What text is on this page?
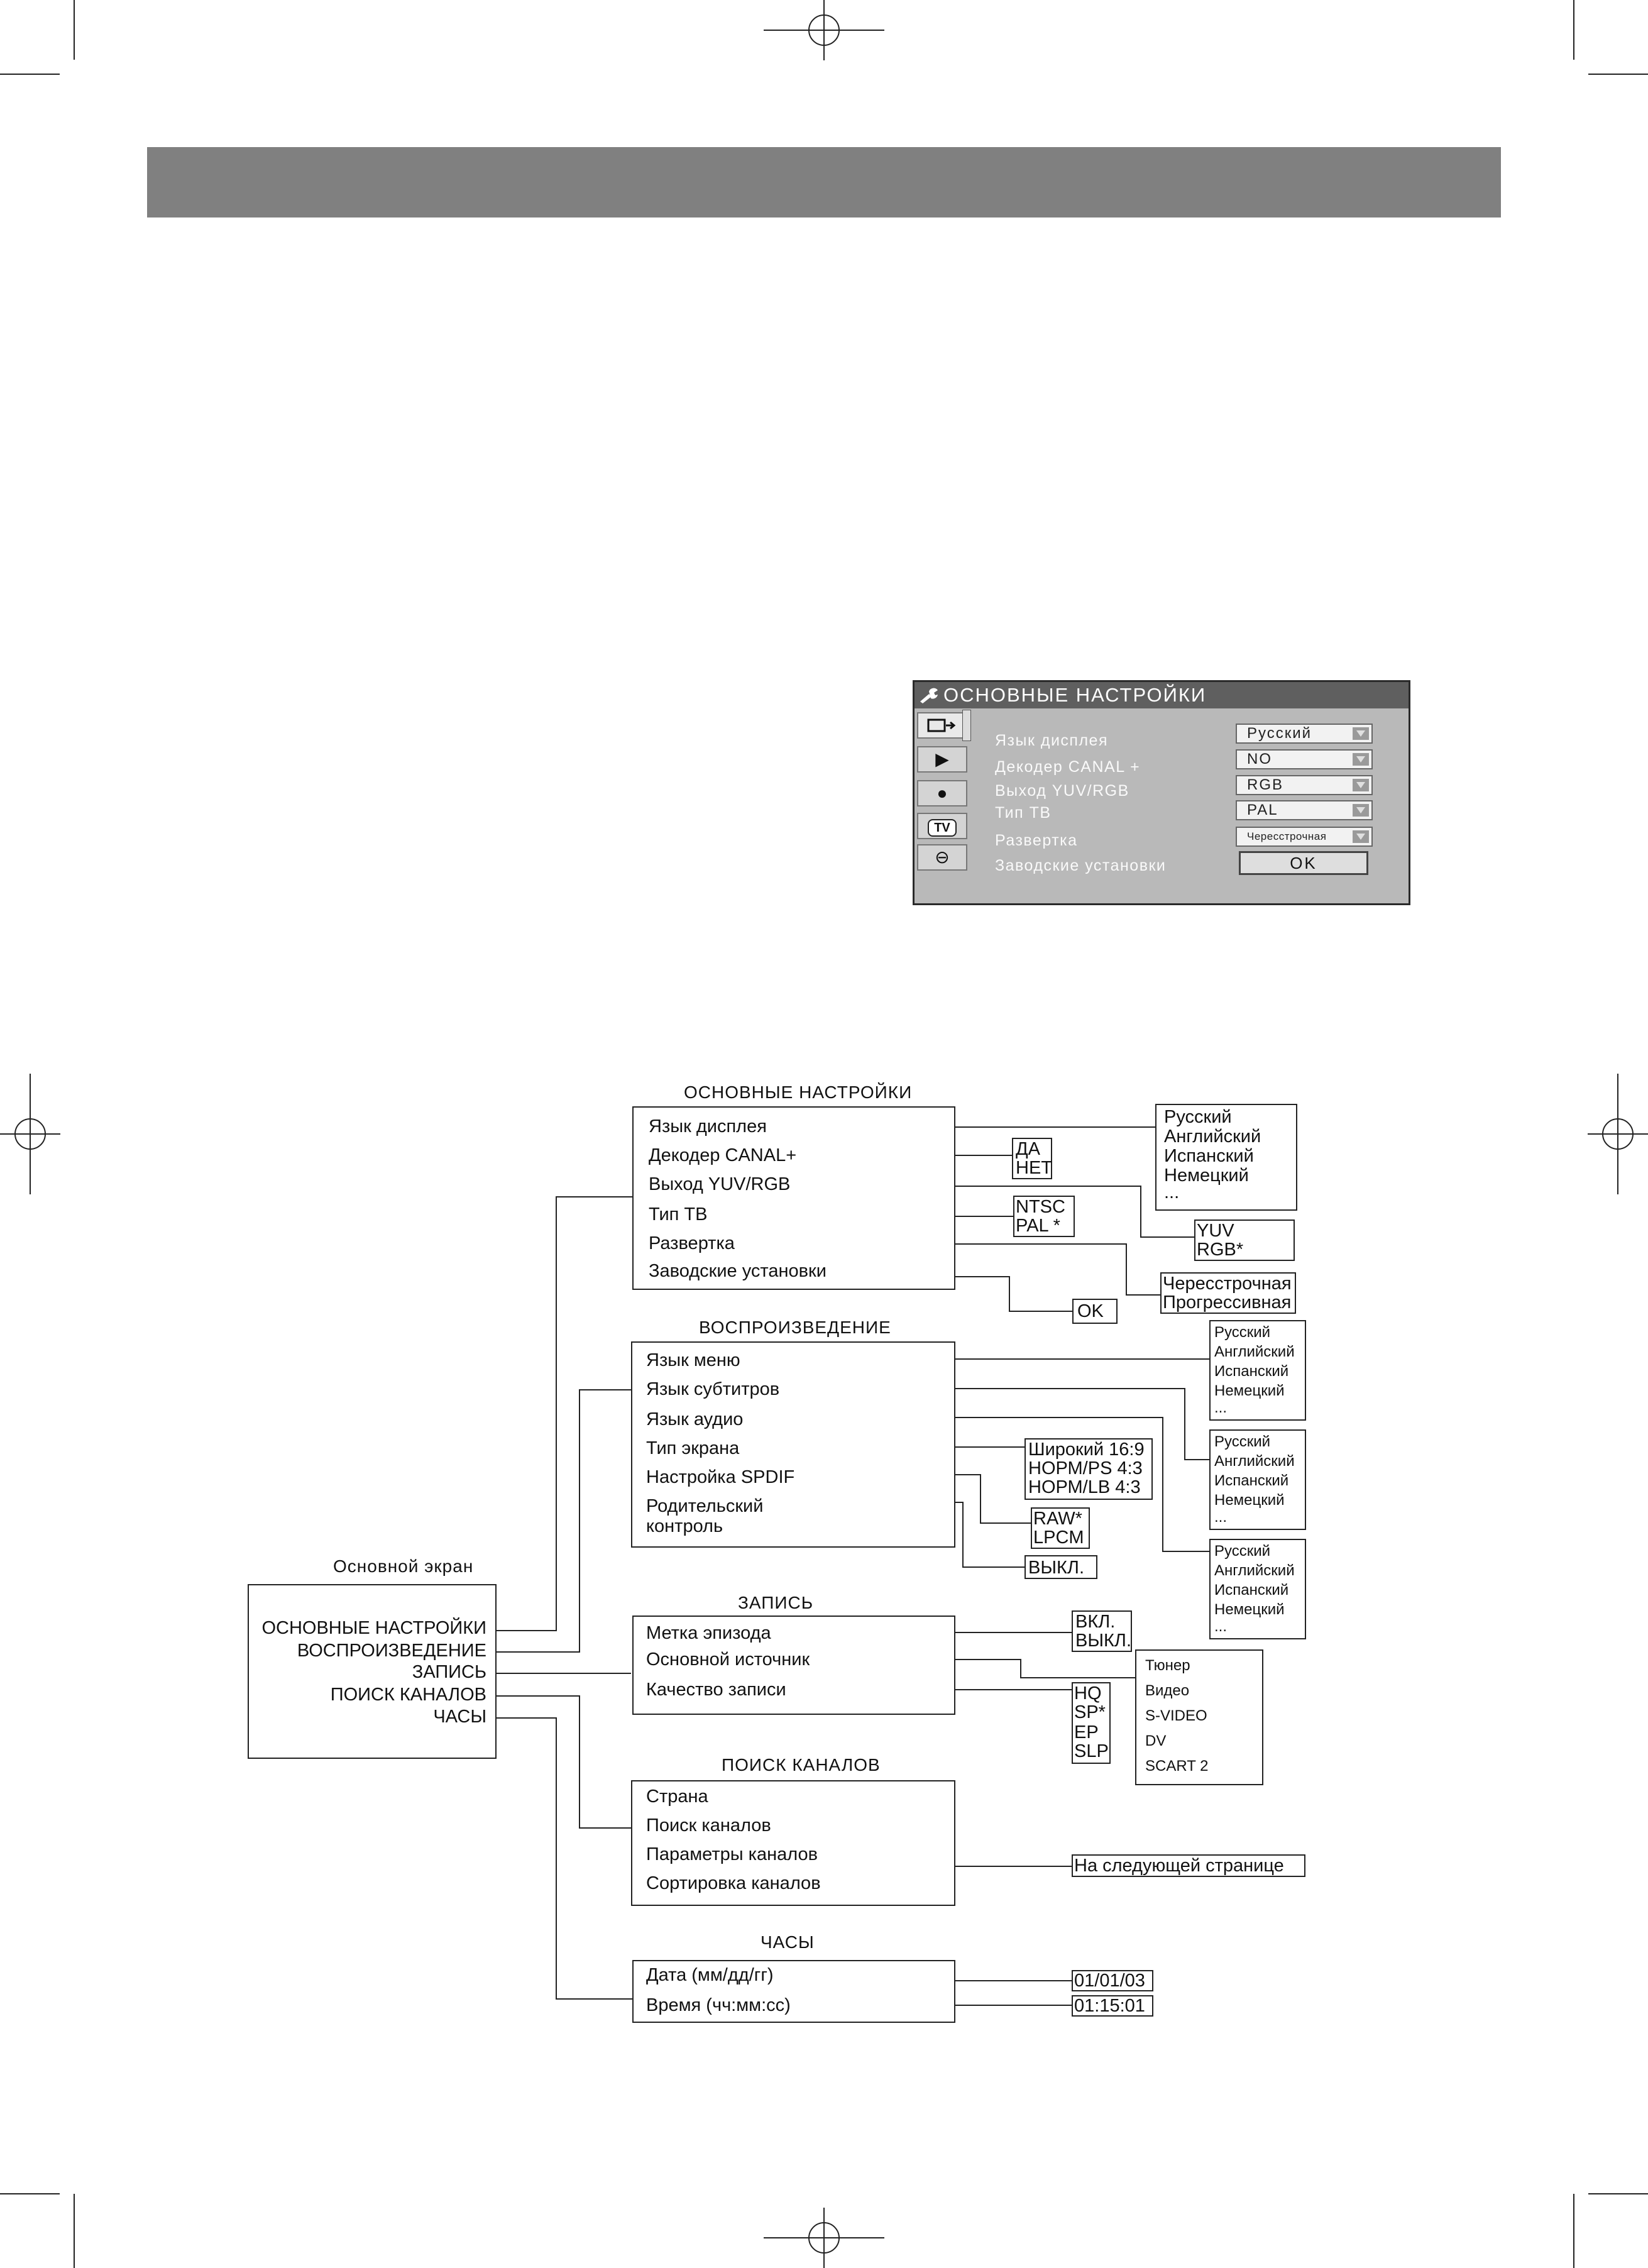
ОСНОВНЫЕ НАСТРОЙКИ
▶
●
TV
⊖
Язык дисплея	Русский
Декодер CANAL +	NO
Выход YUV/RGB	RGB
Тип ТВ	PAL
Развертка	Чересстрочная
Заводские установки	OK
Основной экран
ОСНОВНЫЕ НАСТРОЙКИ
ВОСПРОИЗВЕДЕНИЕ
ЗАПИСЬ
ПОИСК КАНАЛОВ
ЧАСЫ
ОСНОВНЫЕ НАСТРОЙКИ
Язык дисплея
Декодер CANAL+
Выход YUV/RGB
Тип ТВ
Развертка
Заводские установки
Русский
Английский
Испанский
Немецкий
...
ДА
НЕТ
YUV
RGB*
NTSC
PAL *
Чересстрочная
Прогрессивная
OK
ВОСПРОИЗВЕДЕНИЕ
Язык меню
Язык субтитров
Язык аудио
Тип экрана
Настройка SPDIF
Родительский
контроль
Русский
Английский
Испанский
Немецкий
...
Русский
Английский
Испанский
Немецкий
...
Русский
Английский
Испанский
Немецкий
...
Широкий 16:9
НОРМ/PS 4:3
НОРМ/LB 4:3
RAW*
LPCM
ВЫКЛ.
ЗАПИСЬ
Метка эпизода
Основной источник
Качество записи
ВКЛ.
ВЫКЛ.
Тюнер
Видео
S-VIDEO
DV
SCART 2
HQ
SP*
EP
SLP
ПОИСК КАНАЛОВ
Страна
Поиск каналов
Параметры каналов
Сортировка каналов
На следующей странице
ЧАСЫ
Дата (мм/дд/гг)
Время (чч:мм:сс)
01/01/03
01:15:01
